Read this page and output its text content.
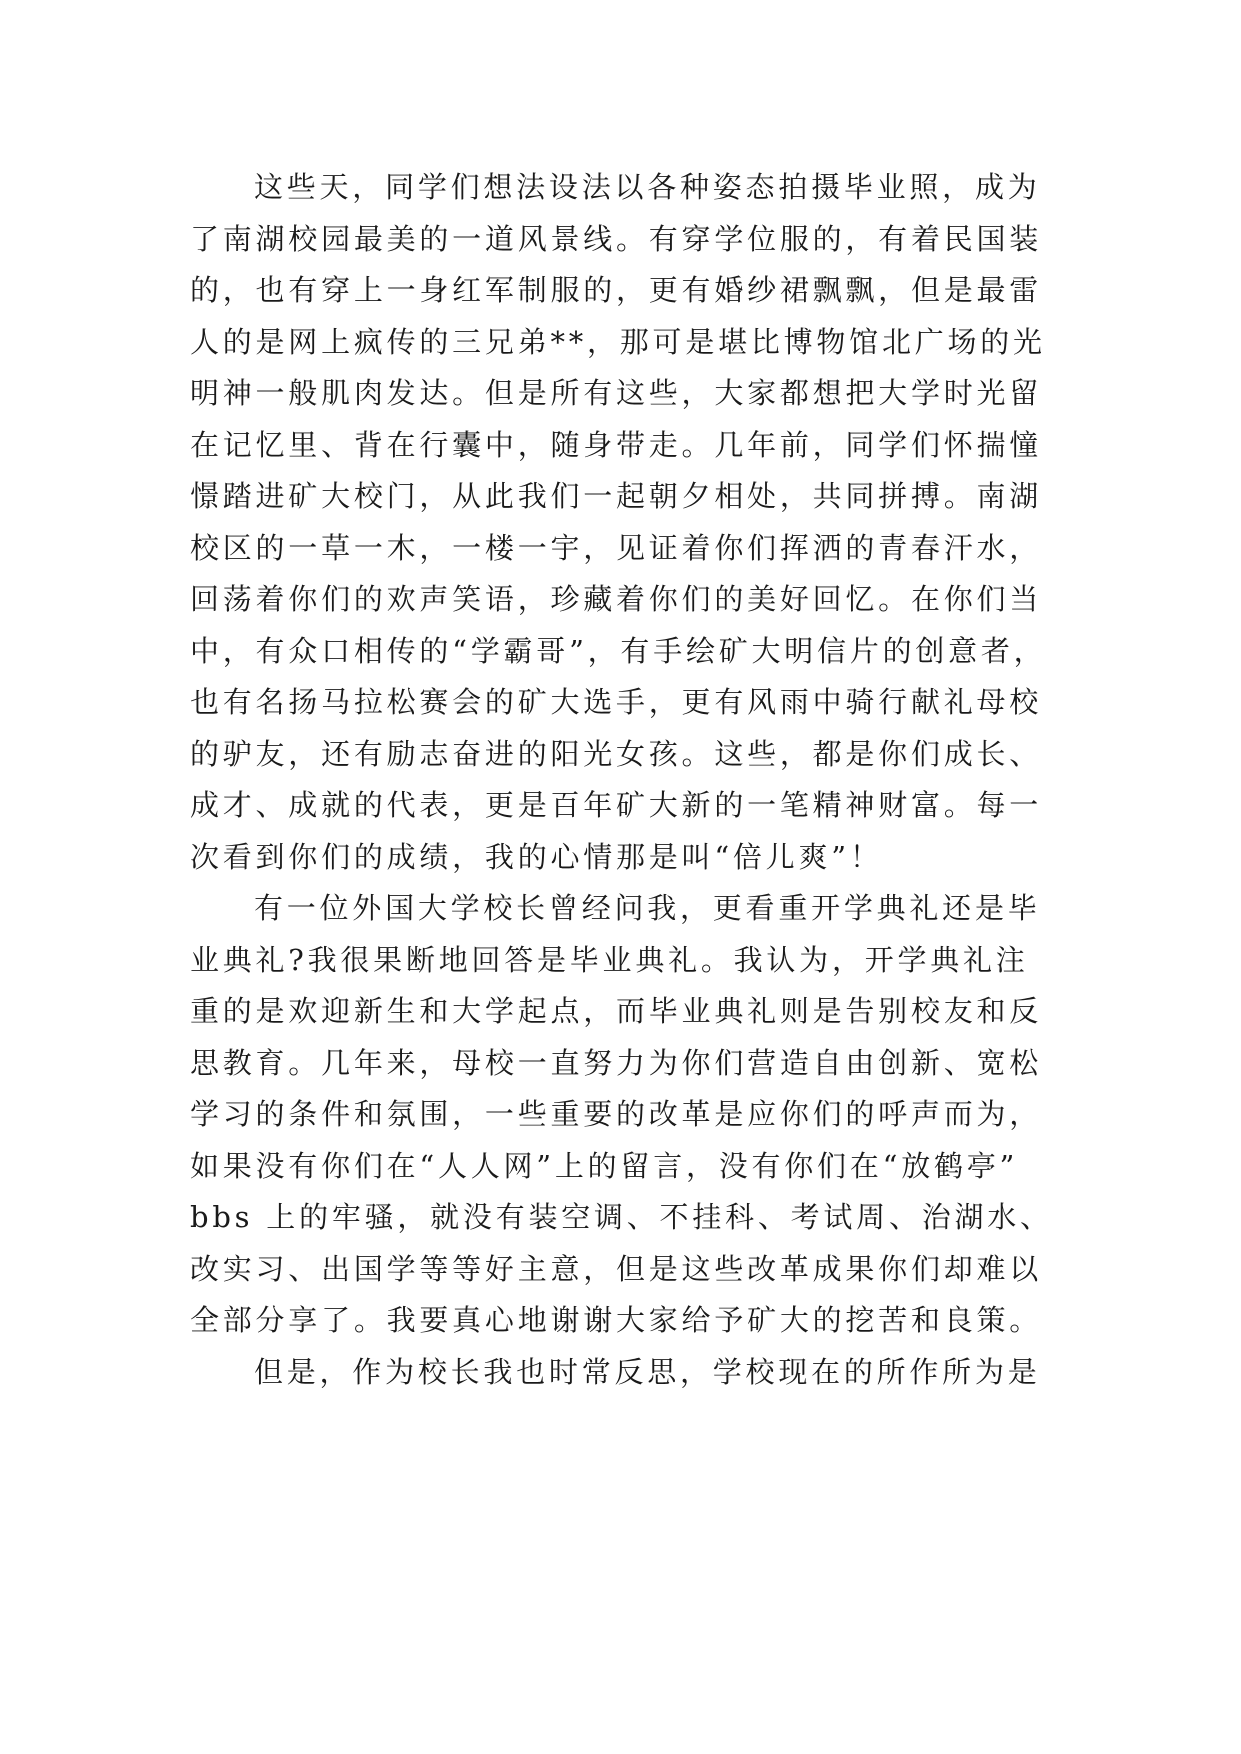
这些天，同学们想法设法以各种姿态拍摄毕业照，成为
了南湖校园最美的一道风景线。有穿学位服的，有着民国装
的，也有穿上一身红军制服的，更有婚纱裙飘飘，但是最雷
人的是网上疯传的三兄弟**，那可是堪比博物馆北广场的光
明神一般肌肉发达。但是所有这些，大家都想把大学时光留
在记忆里、背在行囊中，随身带走。几年前，同学们怀揣憧
憬踏进矿大校门，从此我们一起朝夕相处，共同拼搏。南湖
校区的一草一木，一楼一宇，见证着你们挥洒的青春汗水，
回荡着你们的欢声笑语，珍藏着你们的美好回忆。在你们当
中，有众口相传的“学霸哥”，有手绘矿大明信片的创意者，
也有名扬马拉松赛会的矿大选手，更有风雨中骑行献礼母校
的驴友，还有励志奋进的阳光女孩。这些，都是你们成长、
成才、成就的代表，更是百年矿大新的一笔精神财富。每一
次看到你们的成绩，我的心情那是叫“倍儿爽”！
有一位外国大学校长曾经问我，更看重开学典礼还是毕
业典礼?我很果断地回答是毕业典礼。我认为，开学典礼注
重的是欢迎新生和大学起点，而毕业典礼则是告别校友和反
思教育。几年来，母校一直努力为你们营造自由创新、宽松
学习的条件和氛围，一些重要的改革是应你们的呼声而为，
如果没有你们在“人人网”上的留言，没有你们在“放鹤亭”
bbs 上的牢骚，就没有装空调、不挂科、考试周、治湖水、
改实习、出国学等等好主意，但是这些改革成果你们却难以
全部分享了。我要真心地谢谢大家给予矿大的挖苦和良策。
但是，作为校长我也时常反思，学校现在的所作所为是
